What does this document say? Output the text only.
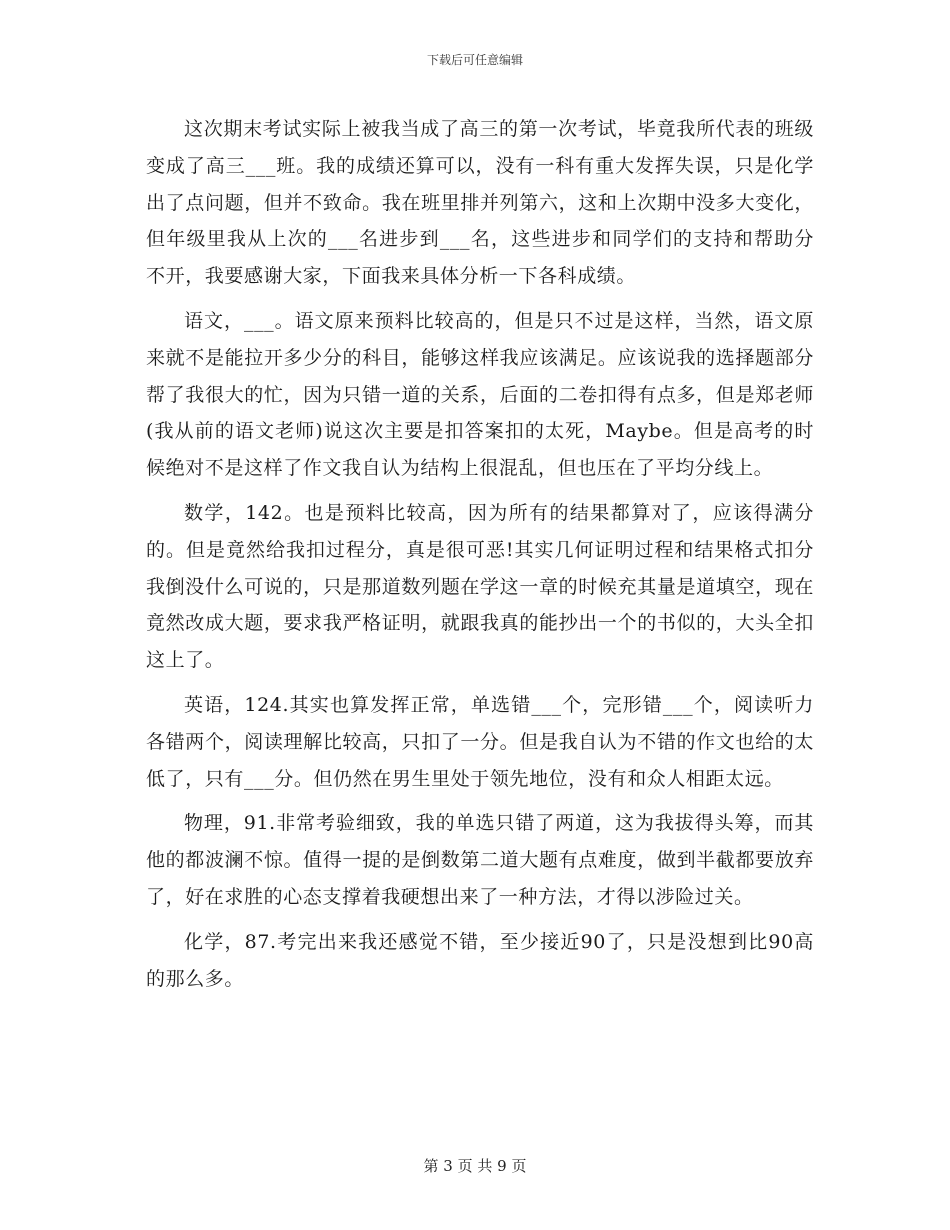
下载后可任意编辑

这次期末考试实际上被我当成了高三的第一次考试，毕竟我所代表的班级变成了高三___班。我的成绩还算可以，没有一科有重大发挥失误，只是化学出了点问题，但并不致命。我在班里排并列第六，这和上次期中没多大变化，但年级里我从上次的___名进步到___名，这些进步和同学们的支持和帮助分不开，我要感谢大家，下面我来具体分析一下各科成绩。

语文，___。语文原来预料比较高的，但是只不过是这样，当然，语文原来就不是能拉开多少分的科目，能够这样我应该满足。应该说我的选择题部分帮了我很大的忙，因为只错一道的关系，后面的二卷扣得有点多，但是郑老师(我从前的语文老师)说这次主要是扣答案扣的太死，Maybe。但是高考的时候绝对不是这样了作文我自认为结构上很混乱，但也压在了平均分线上。

数学，142。也是预料比较高，因为所有的结果都算对了，应该得满分的。但是竟然给我扣过程分，真是很可恶!其实几何证明过程和结果格式扣分我倒没什么可说的，只是那道数列题在学这一章的时候充其量是道填空，现在竟然改成大题，要求我严格证明，就跟我真的能抄出一个的书似的，大头全扣这上了。

英语，124.其实也算发挥正常，单选错___个，完形错___个，阅读听力各错两个，阅读理解比较高，只扣了一分。但是我自认为不错的作文也给的太低了，只有___分。但仍然在男生里处于领先地位，没有和众人相距太远。

物理，91.非常考验细致，我的单选只错了两道，这为我拔得头筹，而其他的都波澜不惊。值得一提的是倒数第二道大题有点难度，做到半截都要放弃了，好在求胜的心态支撑着我硬想出来了一种方法，才得以涉险过关。

化学，87.考完出来我还感觉不错，至少接近90了，只是没想到比90高的那么多。

第 3 页 共 9 页
